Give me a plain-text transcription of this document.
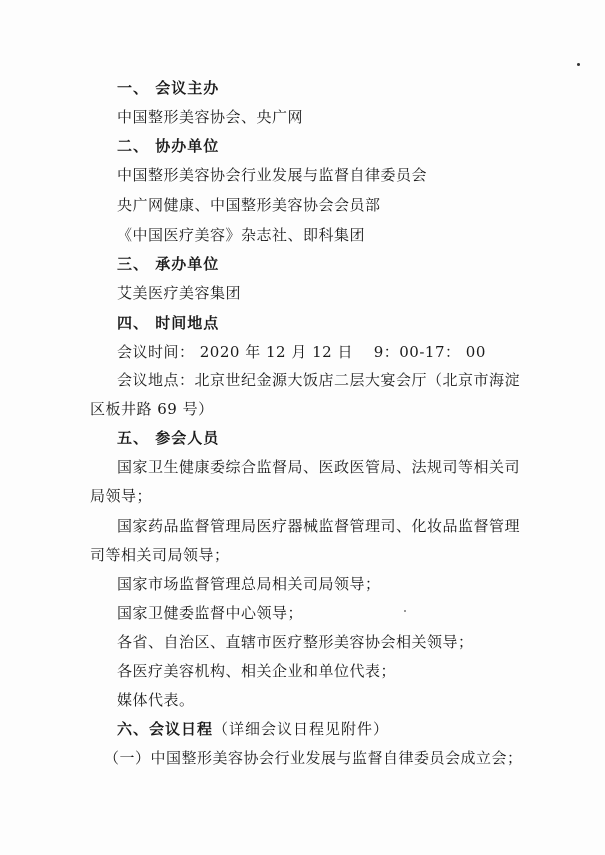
一、 会议主办
中国整形美容协会、央广网
二、 协办单位
中国整形美容协会行业发展与监督自律委员会
央广网健康、中国整形美容协会会员部
《中国医疗美容》杂志社、即科集团
三、 承办单位
艾美医疗美容集团
四、 时间地点
会议时间： 2020 年 12 月 12 日　 9：00-17： 00
会议地点：北京世纪金源大饭店二层大宴会厅（北京市海淀
区板井路 69 号）
五、 参会人员
国家卫生健康委综合监督局、医政医管局、法规司等相关司
局领导；
国家药品监督管理局医疗器械监督管理司、化妆品监督管理
司等相关司局领导；
国家市场监督管理总局相关司局领导；
国家卫健委监督中心领导；
各省、自治区、直辖市医疗整形美容协会相关领导；
各医疗美容机构、相关企业和单位代表；
媒体代表。
六、会议日程（详细会议日程见附件）
（一）中国整形美容协会行业发展与监督自律委员会成立会；
